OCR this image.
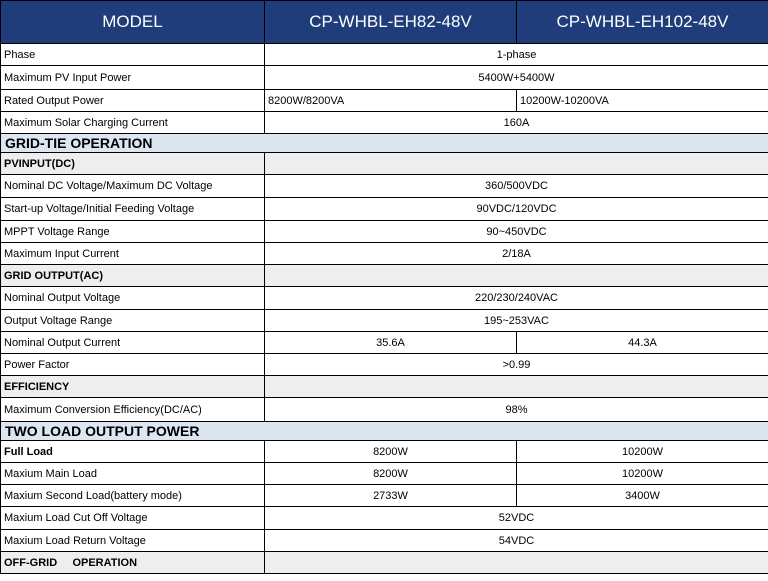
MODEL	CP-WHBL-EH82-48V	CP-WHBL-EH102-48V
Phase	1-phase	
Maximum PV Input Power	5400W+5400W	
Rated Output Power	8200W/8200VA	10200W-10200VA
Maximum Solar Charging Current	160A	
GRID-TIE OPERATION		
PVINPUT(DC)		
Nominal DC Voltage/Maximum DC Voltage	360/500VDC	
Start-up Voltage/Initial Feeding Voltage	90VDC/120VDC	
MPPT Voltage Range	90~450VDC	
Maximum Input Current	2/18A	
GRID OUTPUT(AC)		
Nominal Output Voltage	220/230/240VAC	
Output Voltage Range	195~253VAC	
Nominal Output Current	35.6A	44.3A
Power Factor	>0.99	
EFFICIENCY		
Maximum Conversion Efficiency(DC/AC)	98%	
TWO LOAD OUTPUT POWER		
Full Load	8200W	10200W
Maxium Main Load	8200W	10200W
Maxium Second Load(battery mode)	2733W	3400W
Maxium Load Cut Off Voltage	52VDC	
Maxium Load Return Voltage	54VDC	
OFF-GRID     OPERATION		
